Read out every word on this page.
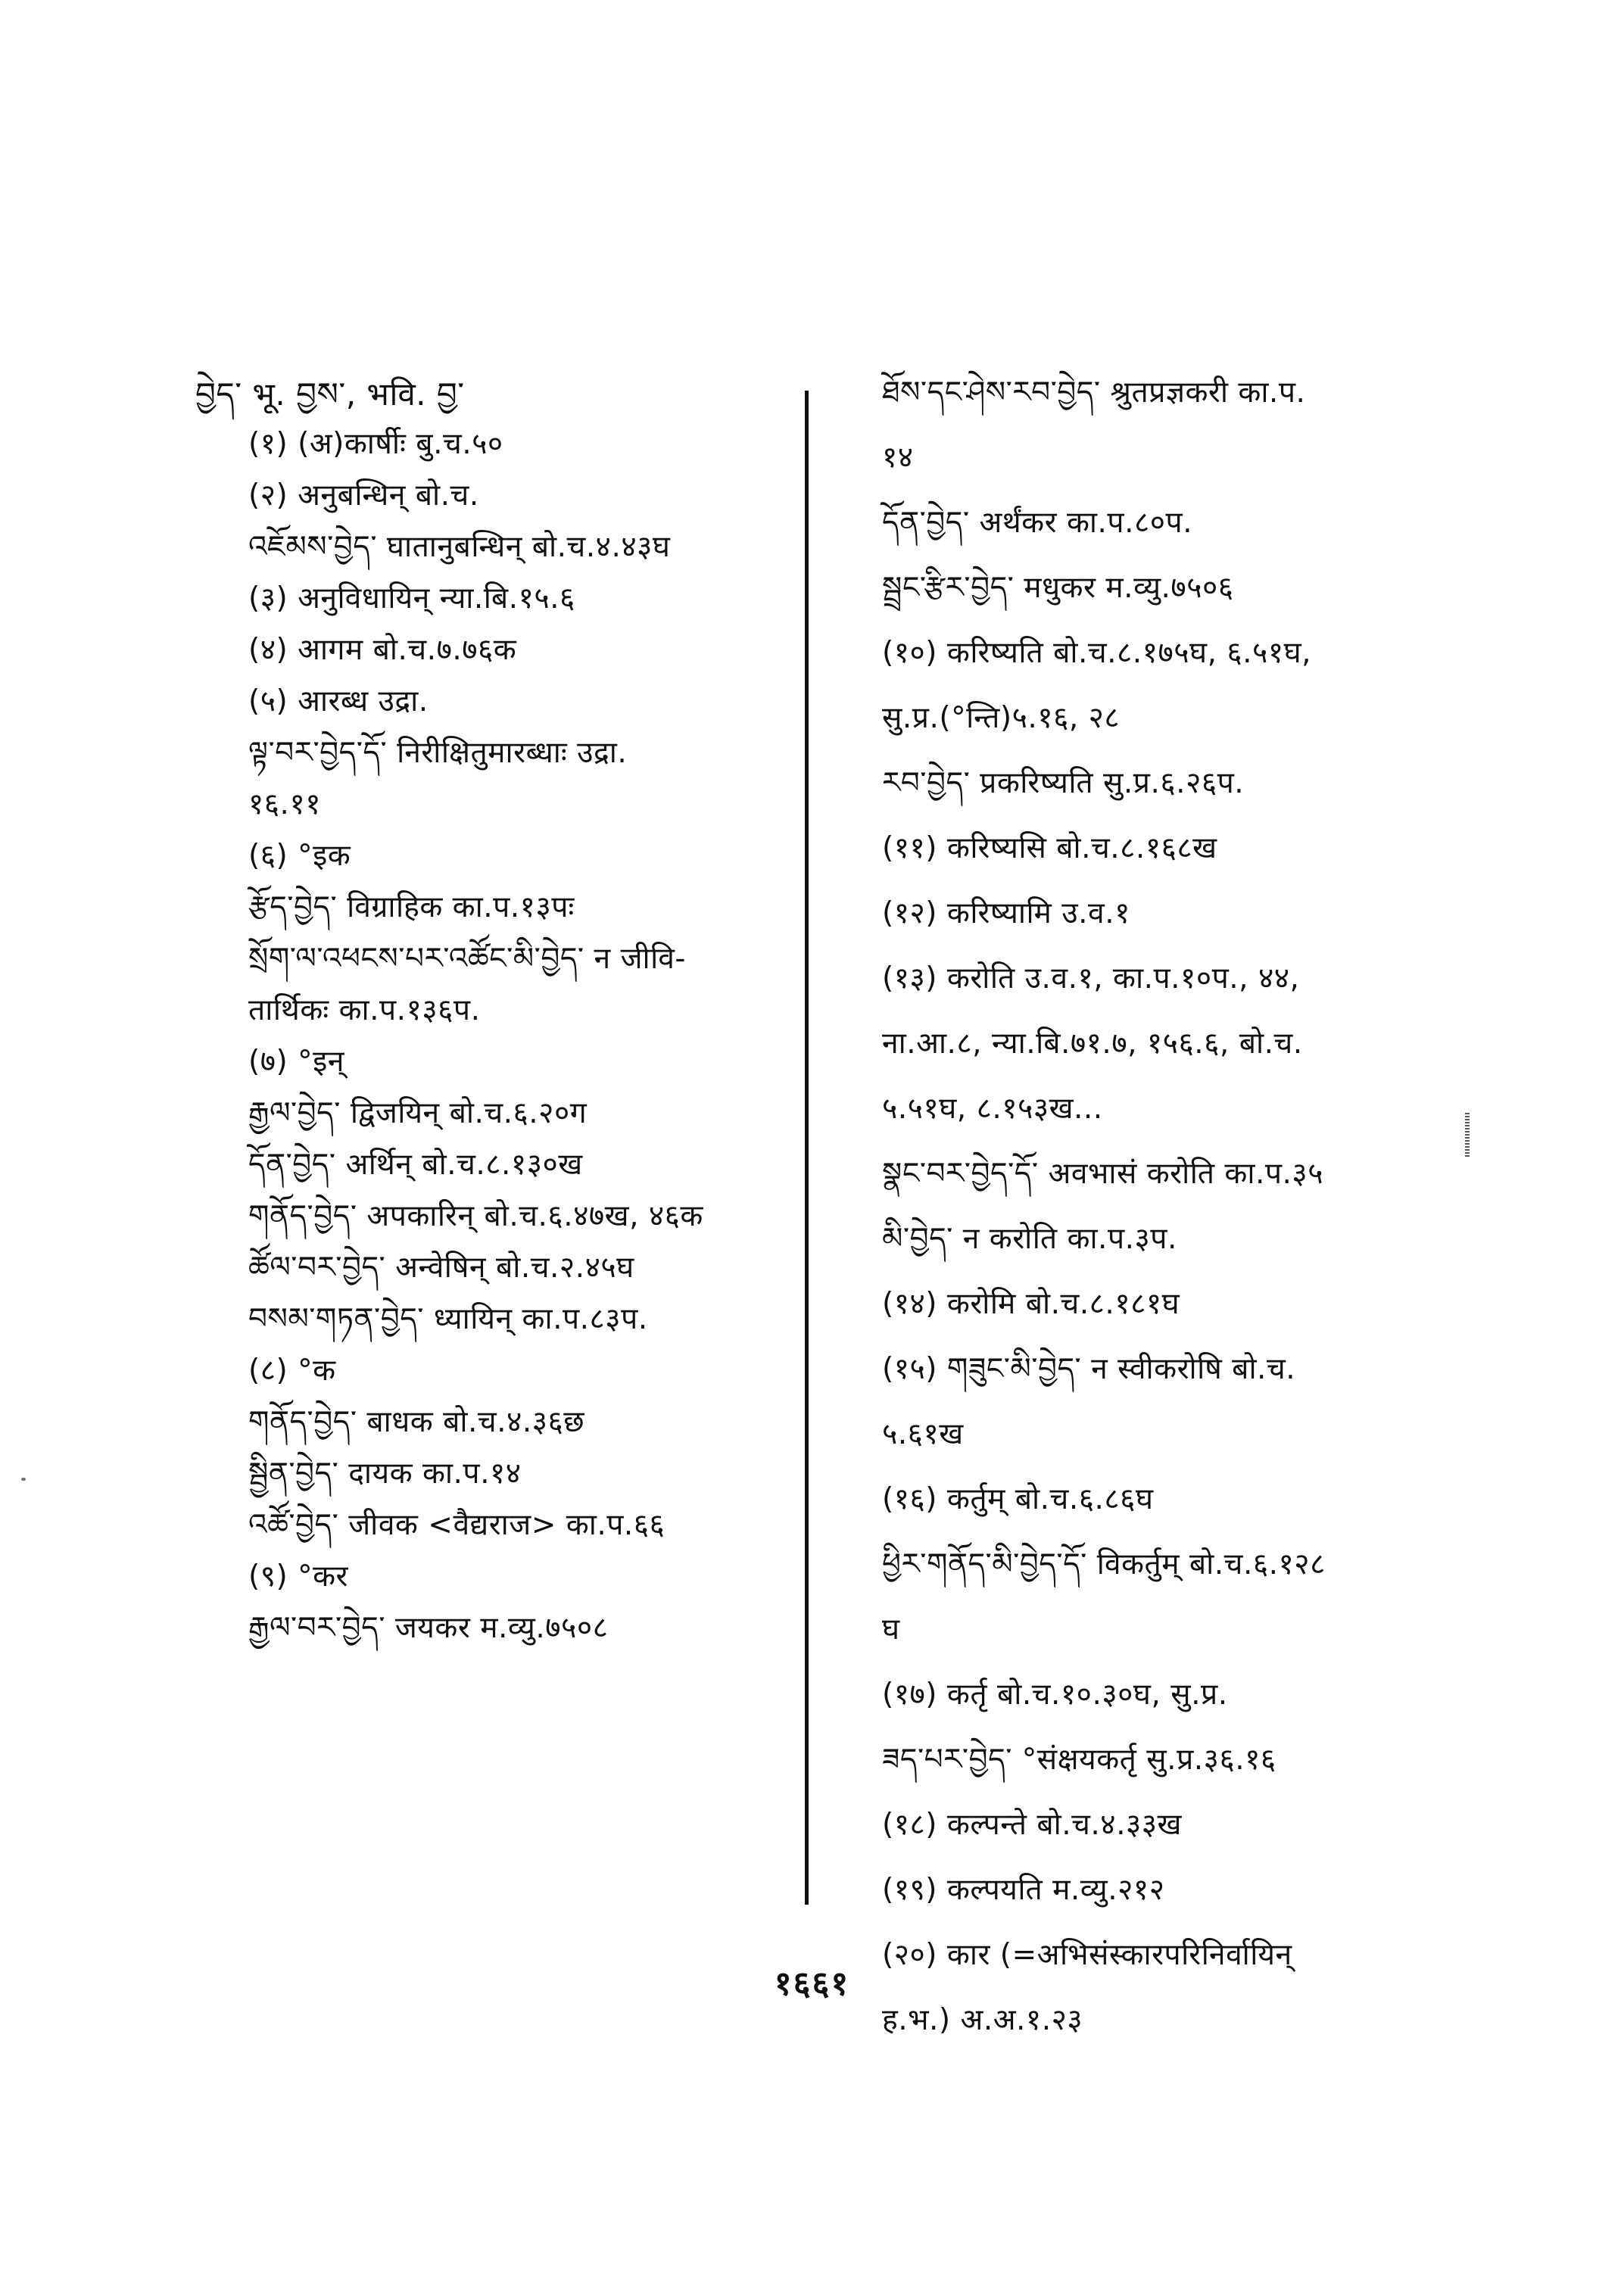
བྱེད་ भू. བྱས་, भवि. བྱ་
(१) (अ)कार्षीः बु.च.५०
(२) अनुबन्धिन् बो.च.
འཇོམས་བྱེད་ घातानुबन्धिन् बो.च.४.४३घ
(३) अनुविधायिन् न्या.बि.१५.६
(४) आगम बो.च.७.७६क
(५) आरब्ध उद्रा.
ལྟ་བར་བྱེད་དོ་ निरीक्षितुमारब्धाः उद्रा.
१६.११
(६) °इक
རྩོད་བྱེད་ विग्राहिक का.प.१३पः
སྲོག་ལ་འཕངས་པར་འཚོང་མི་བྱེད་ न जीवि-
तार्थिकः का.प.१३६प.
(७) °इन्
རྒྱལ་བྱེད་ द्विजयिन् बो.च.६.२०ग
དོན་བྱེད་ अर्थिन् बो.च.८.१३०ख
གནོད་བྱེད་ अपकारिन् बो.च.६.४७ख, ४६क
ཚོལ་བར་བྱེད་ अन्वेषिन् बो.च.२.४५घ
བསམ་གཏན་བྱེད་ ध्यायिन् का.प.८३प.
(८) °क
གནོད་བྱེད་ बाधक बो.च.४.३६छ
སྦྱིན་བྱེད་ दायक का.प.१४
འཚོ་བྱེད་ जीवक <वैद्यराज> का.प.६६
(९) °कर
རྒྱལ་བར་བྱེད་ जयकर म.व्यु.७५०८
ཐོས་དང་ཤེས་རབ་བྱེད་ श्रुतप्रज्ञकरी का.प.
१४
དོན་བྱེད་ अर्थंकर का.प.८०प.
སྦྲང་རྩིར་བྱེད་ मधुकर म.व्यु.७५०६
(१०) करिष्यति बो.च.८.१७५घ, ६.५१घ,
सु.प्र.(°न्ति)५.१६, २८
རབ་བྱེད་ प्रकरिष्यति सु.प्र.६.२६प.
(११) करिष्यसि बो.च.८.१६८ख
(१२) करिष्यामि उ.व.१
(१३) करोति उ.व.१, का.प.१०प., ४४,
ना.आ.८, न्या.बि.७१.७, १५६.६, बो.च.
५.५१घ, ८.१५३ख...
སྣང་བར་བྱེད་དོ་ अवभासं करोति का.प.३५
མི་བྱེད་ न करोति का.प.३प.
(१४) करोमि बो.च.८.१८१घ
(१५) གཟུང་མི་བྱེད་ न स्वीकरोषि बो.च.
५.६१ख
(१६) कर्तुम् बो.च.६.८६घ
ཕྱིར་གནོད་མི་བྱེད་དོ་ विकर्तुम् बो.च.६.१२८
घ
(१७) कर्तृ बो.च.१०.३०घ, सु.प्र.
ཟད་པར་བྱེད་ °संक्षयकर्तृ सु.प्र.३६.१६
(१८) कल्पन्ते बो.च.४.३३ख
(१९) कल्पयति म.व्यु.२१२
(२०) कार (=अभिसंस्कारपरिनिर्वायिन्
ह.भ.) अ.अ.१.२३
१६६१
